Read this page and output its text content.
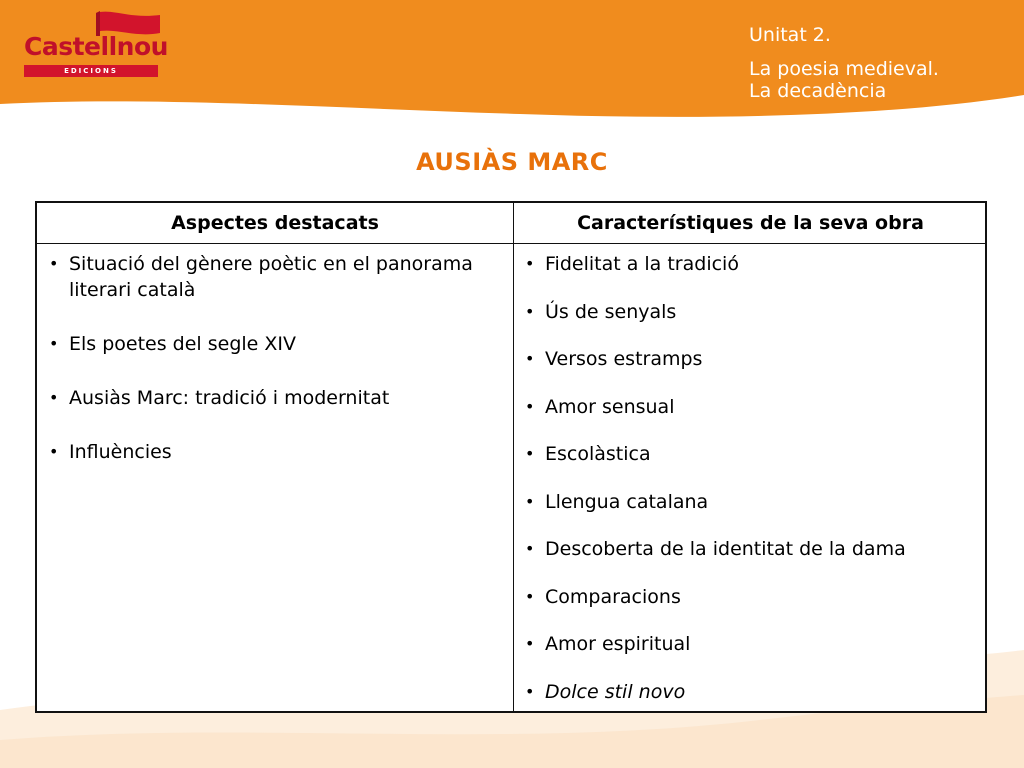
Castellnou
EDICIONS
Unitat 2.
La poesia medieval.
La decadència
AUSIÀS MARC
Aspectes destacats	Característiques de la seva obra
• Situació del gènere poètic en el panorama literari català
• Els poetes del segle XIV
• Ausiàs Marc: tradició i modernitat
• Influències
• Fidelitat a la tradició
• Ús de senyals
• Versos estramps
• Amor sensual
• Escolàstica
• Llengua catalana
• Descoberta de la identitat de la dama
• Comparacions
• Amor espiritual
• Dolce stil novo
